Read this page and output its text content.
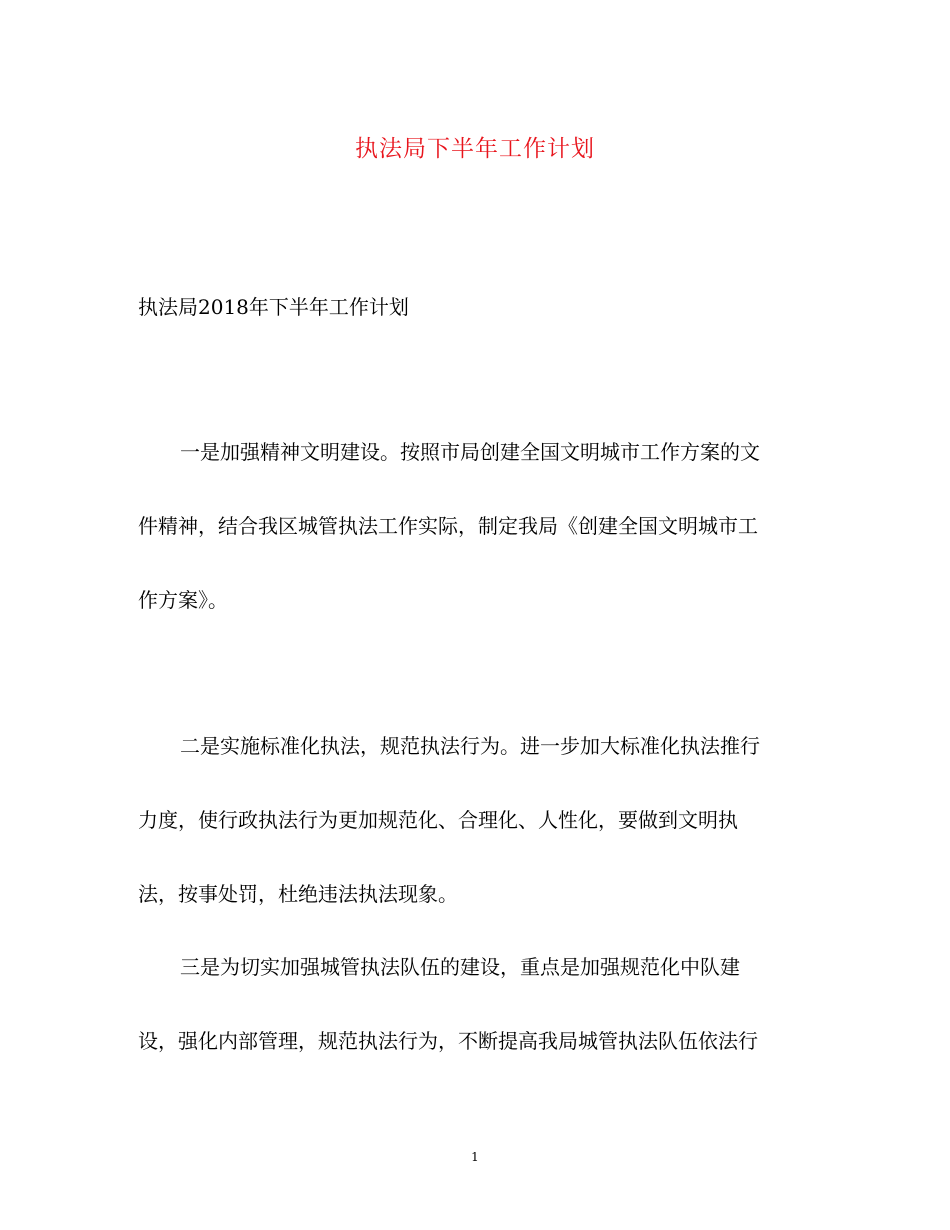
执法局下半年工作计划
执法局2018年下半年工作计划
一是加强精神文明建设。按照市局创建全国文明城市工作方案的文
件精神，结合我区城管执法工作实际，制定我局《创建全国文明城市工
作方案》。
二是实施标准化执法，规范执法行为。进一步加大标准化执法推行
力度，使行政执法行为更加规范化、合理化、人性化，要做到文明执
法，按事处罚，杜绝违法执法现象。
三是为切实加强城管执法队伍的建设，重点是加强规范化中队建
设，强化内部管理，规范执法行为，不断提高我局城管执法队伍依法行
1
